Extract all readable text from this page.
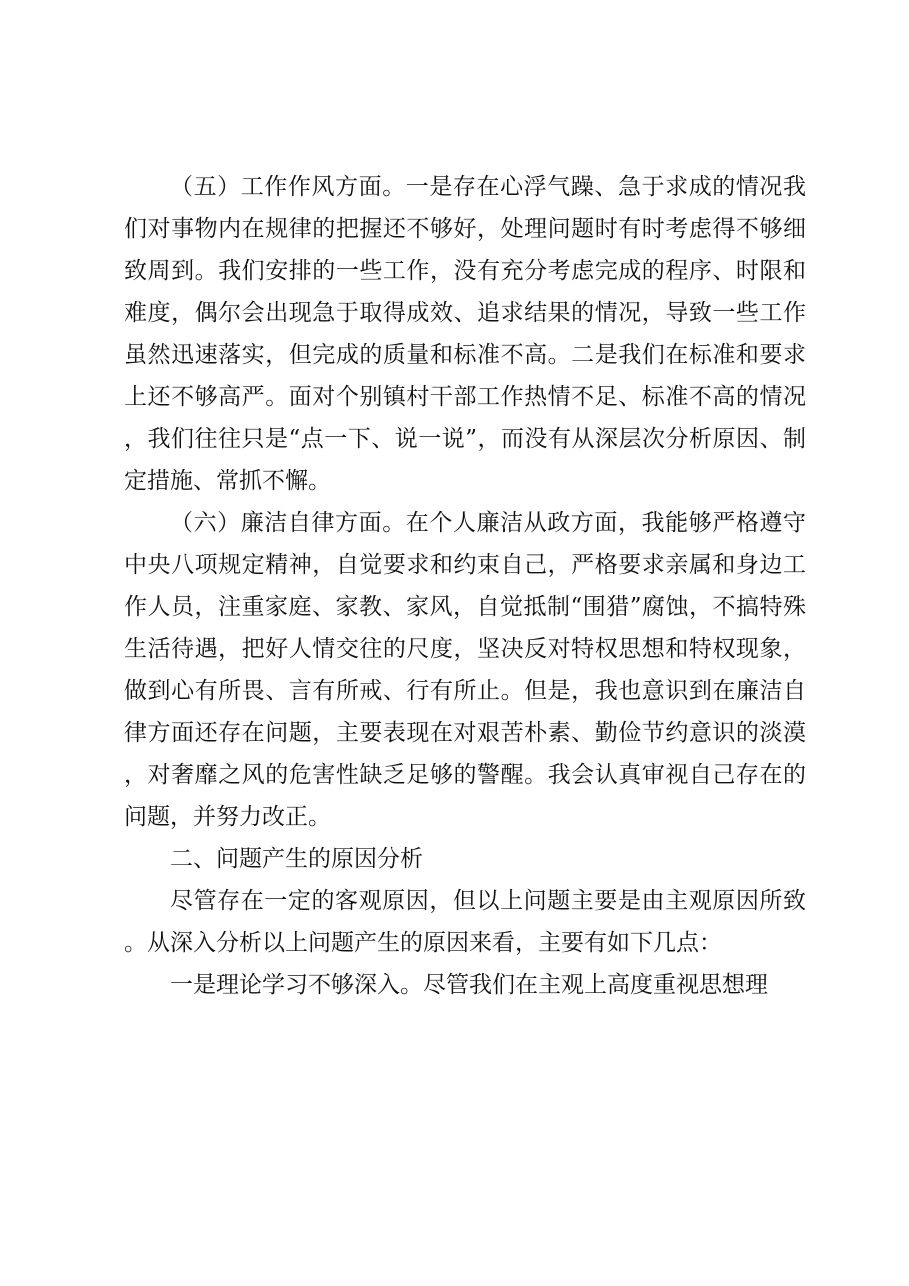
（五）工作作风方面。一是存在心浮气躁、急于求成的情况我们对事物内在规律的把握还不够好，处理问题时有时考虑得不够细致周到。我们安排的一些工作，没有充分考虑完成的程序、时限和难度，偶尔会出现急于取得成效、追求结果的情况，导致一些工作虽然迅速落实，但完成的质量和标准不高。二是我们在标准和要求上还不够高严。面对个别镇村干部工作热情不足、标准不高的情况，我们往往只是“点一下、说一说”，而没有从深层次分析原因、制定措施、常抓不懈。

（六）廉洁自律方面。在个人廉洁从政方面，我能够严格遵守中央八项规定精神，自觉要求和约束自己，严格要求亲属和身边工作人员，注重家庭、家教、家风，自觉抵制“围猎”腐蚀，不搞特殊生活待遇，把好人情交往的尺度，坚决反对特权思想和特权现象，做到心有所畏、言有所戒、行有所止。但是，我也意识到在廉洁自律方面还存在问题，主要表现在对艰苦朴素、勤俭节约意识的淡漠，对奢靡之风的危害性缺乏足够的警醒。我会认真审视自己存在的问题，并努力改正。

二、问题产生的原因分析

尽管存在一定的客观原因，但以上问题主要是由主观原因所致。从深入分析以上问题产生的原因来看，主要有如下几点：

一是理论学习不够深入。尽管我们在主观上高度重视思想理
